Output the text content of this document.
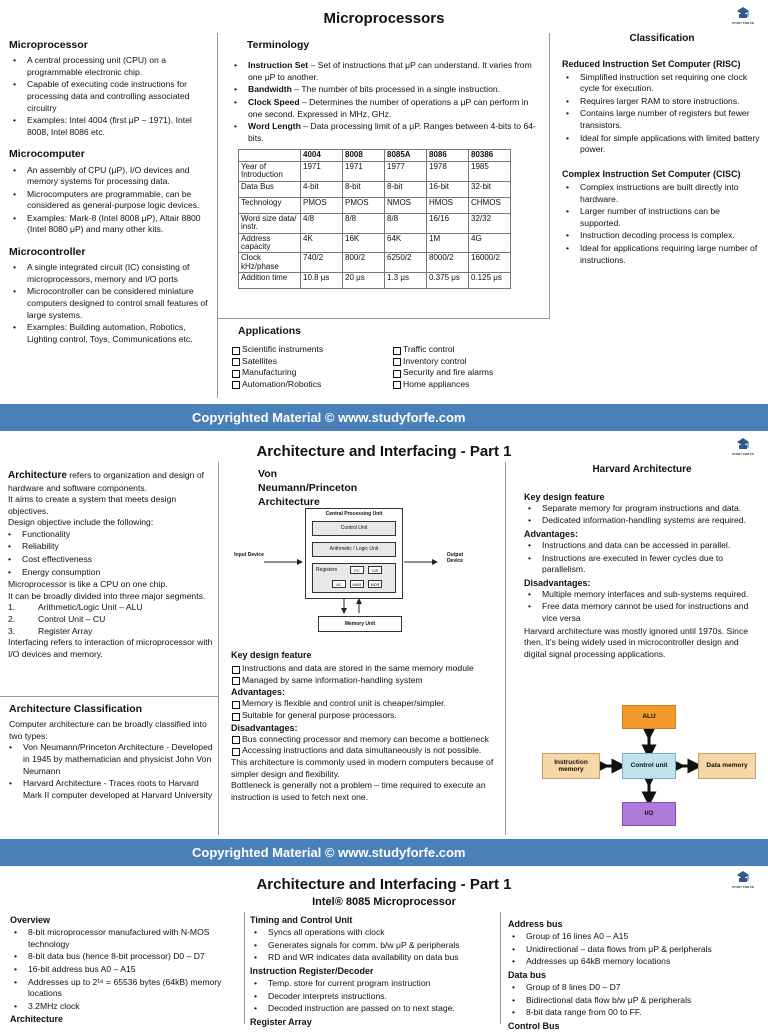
Microprocessors	STUDY FOR FE
Microprocessor
• A central processing unit (CPU) on a programmable electronic chip.
• Capable of executing code instructions for processing data and controlling associated circuitry
• Examples: Intel 4004 (first μP – 1971), Intel 8008, Intel 8086 etc.
Microcomputer
• An assembly of CPU (μP), I/O devices and memory systems for processing data.
• Microcomputers are programmable, can be considered as general-purpose logic devices.
• Examples: Mark-8 (Intel 8008 μP), Altair 8800 (Intel 8080 μP) and many other kits.
Microcontroller
• A single integrated circuit (IC) consisting of microprocessors, memory and I/O ports
• Microcontroller can be considered miniature computers designed to control small features of large systems.
• Examples: Building automation, Robotics, Lighting control, Toys, Communications etc.
Terminology
• Instruction Set – Set of instructions that μP can understand. It varies from one μP to another.
• Bandwidth – The number of bits processed in a single instruction.
• Clock Speed – Determines the number of operations a μP can perform in one second. Expressed in MHz, GHz.
• Word Length – Data processing limit of a μP. Ranges between 4-bits to 64-bits.
	4004	8008	8085A	8086	80386
Year of Introduction	1971	1971	1977	1978	1985
Data Bus	4-bit	8-bit	8-bit	16-bit	32-bit
Technology	PMOS	PMOS	NMOS	HMOS	CHMOS
Word size data/ instr.	4/8	8/8	8/8	16/16	32/32
Address capacity	4K	16K	64K	1M	4G
Clock kHz/phase	740/2	800/2	6250/2	8000/2	16000/2
Addition time	10.8 μs	20 μs	1.3 μs	0.375 μs	0.125 μs
Applications
Scientific instruments
Satellites
Manufacturing
Automation/Robotics
Traffic control
Inventory control
Security and fire alarms
Home appliances
Classification
Reduced Instruction Set Computer (RISC)
• Simplified instruction set requiring one clock cycle for execution.
• Requires larger RAM to store instructions.
• Contains large number of registers but fewer transistors.
• Ideal for simple applications with limited battery power.
Complex Instruction Set Computer (CISC)
• Complex instructions are built directly into hardware.
• Larger number of instructions can be supported.
• Instruction decoding process is complex.
• Ideal for applications requiring large number of instructions.
Copyrighted Material © www.studyforfe.com
Architecture and Interfacing - Part 1	STUDY FOR FE

Architecture refers to organization and design of hardware and software components.

It aims to create a system that meets design objectives.

Design objective include the following:

• Functionality
• Reliability
• Cost effectiveness
• Energy consumption

Microprocessor is like a CPU on one chip.

It can be broadly divided into three major segments.

1.	Arithmetic/Logic Unit – ALU
2.	Control Unit – CU
3.	Register Array

Interfacing refers to interaction of microprocessor with I/O devices and memory.

Architecture Classification

Computer architecture can be broadly classified into two types:

• Von Neumann/Princeton Architecture - Developed in 1945 by mathematician and physicist John Von Neumann
• Harvard Architecture - Traces roots to Harvard Mark II computer developed at Harvard University
Von Neumann/Princeton Architecture
Central Processing Unit
Control Unit
Arithmetic / Logic Unit
Registers	PC	CIR
AC	MAR	MDR
Input Device	Output Device
Memory Unit
Key design feature
Instructions and data are stored in the same memory module
Managed by same information-handling system
Advantages:
Memory is flexible and control unit is cheaper/simpler.
Suitable for general purpose processors.
Disadvantages:
Bus connecting processor and memory can become a bottleneck
Accessing instructions and data simultaneously is not possible.

This architecture is commonly used in modern computers because of simpler design and flexibility.

Bottleneck is generally not a problem – time required to execute an instruction is used to fetch next one.

Harvard Architecture
Key design feature
• Separate memory for program instructions and data.
• Dedicated information-handling systems are required.
Advantages:
• Instructions and data can be accessed in parallel.
• Instructions are executed in fewer cycles due to parallelism.
Disadvantages:
• Multiple memory interfaces and sub-systems required.
• Free data memory cannot be used for instructions and vice versa

Harvard architecture was mostly ignored until 1970s. Since then, it's being widely used in microcontroller design and digital signal processing applications.

ALU
Instruction memory
Control unit	Data memory
I/O
Copyrighted Material © www.studyforfe.com
Architecture and Interfacing - Part 1
Intel® 8085 Microprocessor
STUDY FOR FE
Overview
• 8-bit microprocessor manufactured with N-MOS technology
• 8-bit data bus (hence 8-bit processor) D0 – D7
• 16-bit address bus A0 – A15
• Addresses up to 2¹⁶ = 65536 bytes (64kB) memory locations
• 3.2MHz clock
Architecture
Timing and Control Unit
• Syncs all operations with clock
• Generates signals for comm. b/w μP & peripherals
• RD and WR indicates data availability on data bus
Instruction Register/Decoder
• Temp. store for current program instruction
• Decoder interprets instructions.
• Decoded instruction are passed on to next stage.
Register Array
Address bus
• Group of 16 lines A0 – A15
• Unidirectional – data flows from μP & peripherals
• Addresses up 64kB memory locations
Data bus
• Group of 8 lines D0 – D7
• Bidirectional data flow b/w μP & peripherals
• 8-bit data range from 00 to FF.
Control Bus
